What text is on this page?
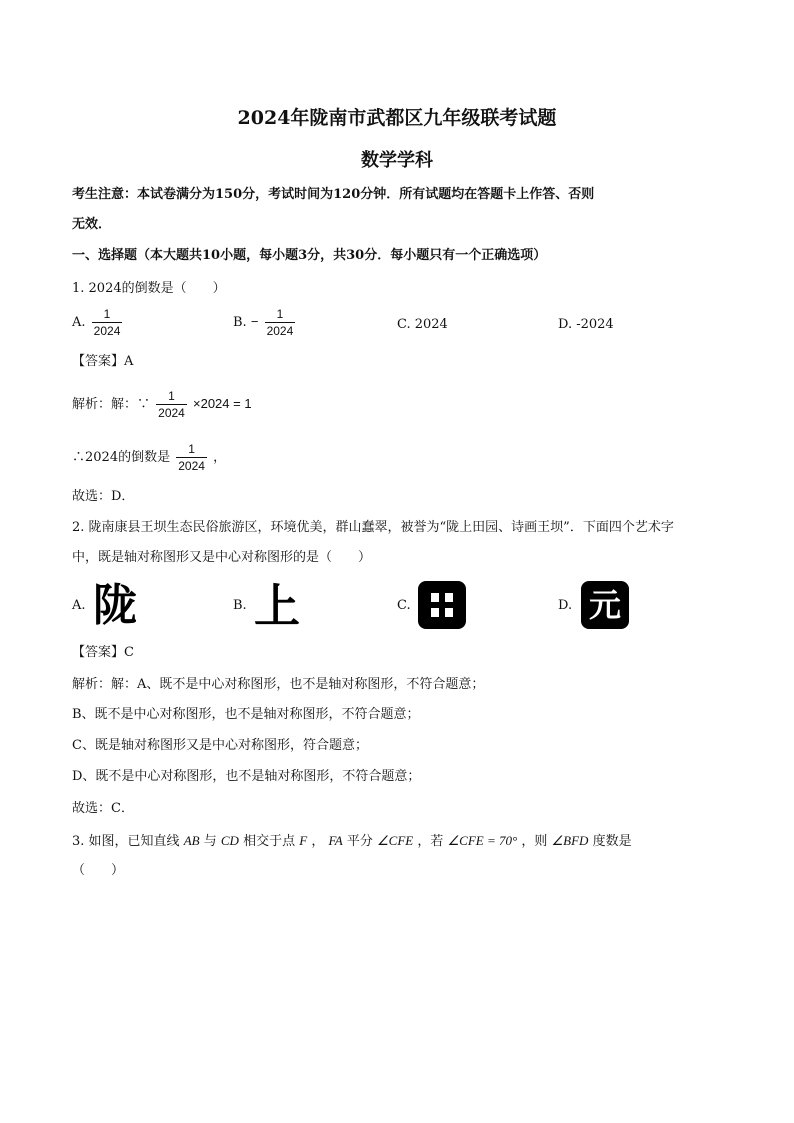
2024年陇南市武都区九年级联考试题
数学学科
考生注意：本试卷满分为150分，考试时间为120分钟．所有试题均在答题卡上作答、否则
无效．
一、选择题（本大题共10小题，每小题3分，共30分．每小题只有一个正确选项）
1. 2024的倒数是（　　）
A. $\frac{1}{2024}$	B. − $\frac{1}{2024}$	C. 2024	D. -2024
【答案】A
解析：解：∵ $\frac{1}{2024} \times 2024 = 1$
∴2024的倒数是 $\frac{1}{2024}$ ，
故选：D．
2. 陇南康县王坝生态民俗旅游区，环境优美，群山蠢翠，被誉为“陇上田园、诗画王坝”．下面四个艺术字
中，既是轴对称图形又是中心对称图形的是（　　）
A. 陇	B. 上	C.	D. 元
【答案】C
解析：解：A、既不是中心对称图形，也不是轴对称图形，不符合题意；
B、既不是中心对称图形，也不是轴对称图形，不符合题意；
C、既是轴对称图形又是中心对称图形，符合题意；
D、既不是中心对称图形，也不是轴对称图形，不符合题意；
故选：C．
3. 如图，已知直线 AB 与 CD 相交于点 F ， FA 平分 ∠CFE ，若 ∠CFE = 70° ，则 ∠BFD 度数是
（　　）
